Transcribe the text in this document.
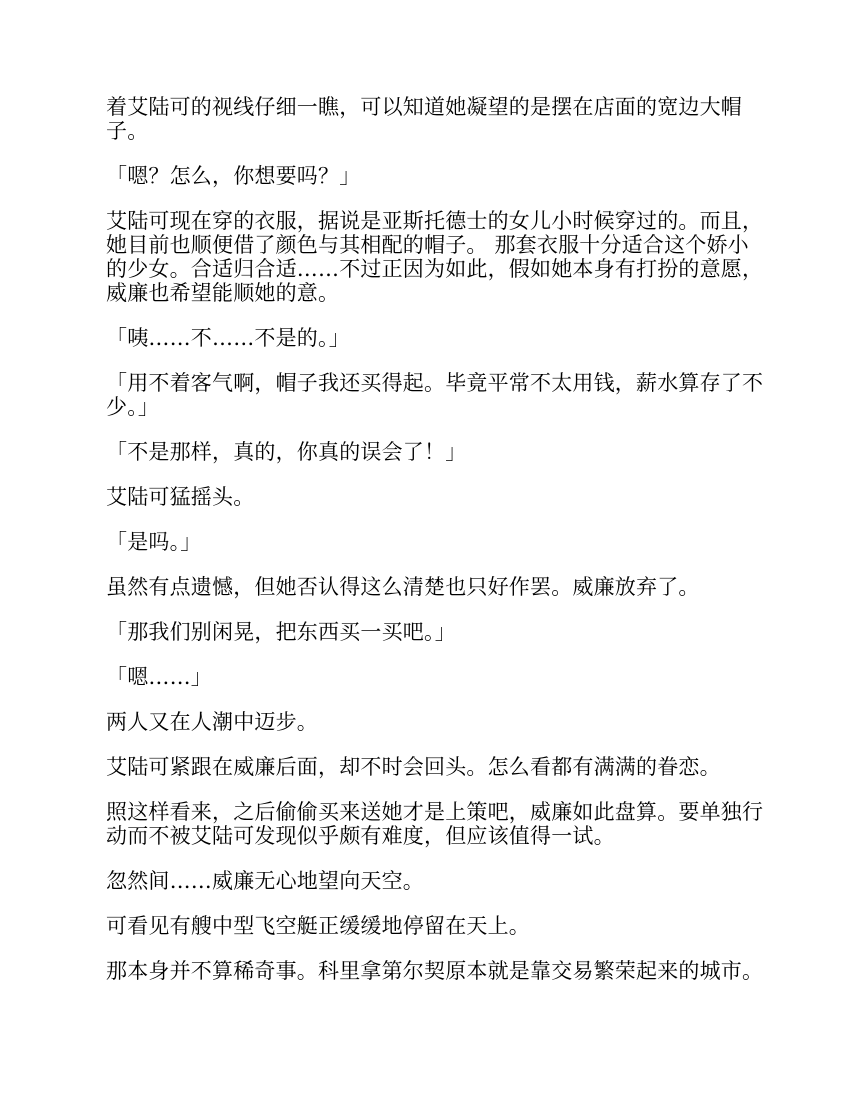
着艾陆可的视线仔细一瞧，可以知道她凝望的是摆在店面的宽边大帽子。

「嗯？怎么，你想要吗？」

艾陆可现在穿的衣服，据说是亚斯托德士的女儿小时候穿过的。而且，她目前也顺便借了颜色与其相配的帽子。 那套衣服十分适合这个娇小的少女。合适归合适……不过正因为如此，假如她本身有打扮的意愿，威廉也希望能顺她的意。

「咦……不……不是的。」

「用不着客气啊，帽子我还买得起。毕竟平常不太用钱，薪水算存了不少。」

「不是那样，真的，你真的误会了！」

艾陆可猛摇头。

「是吗。」

虽然有点遗憾，但她否认得这么清楚也只好作罢。威廉放弃了。

「那我们别闲晃，把东西买一买吧。」

「嗯……」

两人又在人潮中迈步。

艾陆可紧跟在威廉后面，却不时会回头。怎么看都有满满的眷恋。

照这样看来，之后偷偷买来送她才是上策吧，威廉如此盘算。要单独行动而不被艾陆可发现似乎颇有难度，但应该值得一试。

忽然间……威廉无心地望向天空。

可看见有艘中型飞空艇正缓缓地停留在天上。

那本身并不算稀奇事。科里拿第尔契原本就是靠交易繁荣起来的城市。
